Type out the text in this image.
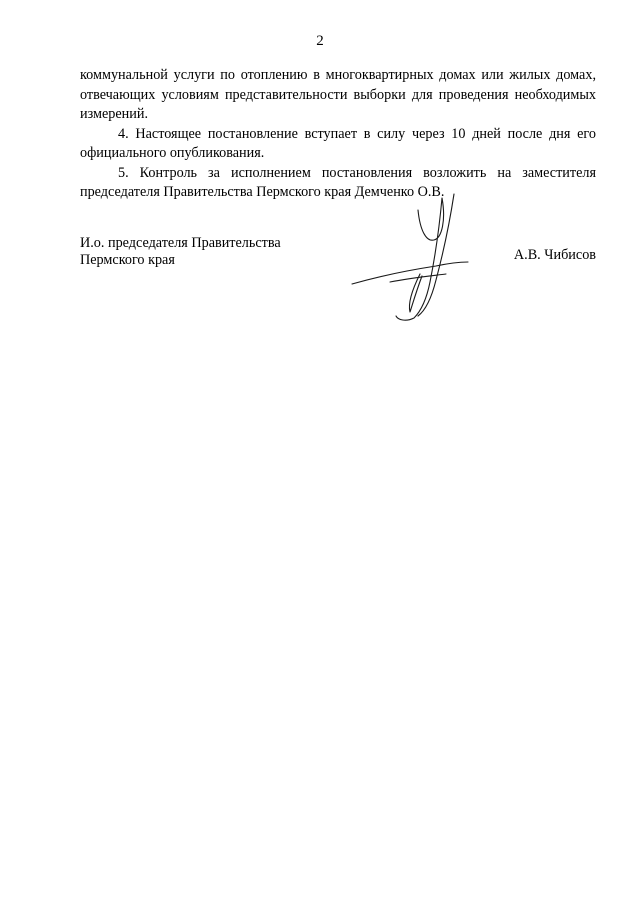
2

коммунальной услуги по отоплению в многоквартирных домах или жилых домах, отвечающих условиям представительности выборки для проведения необходимых измерений.

4. Настоящее постановление вступает в силу через 10 дней после дня его официального опубликования.

5. Контроль за исполнением постановления возложить на заместителя председателя Правительства Пермского края Демченко О.В.

И.о. председателя Правительства
Пермского края	А.В. Чибисов
